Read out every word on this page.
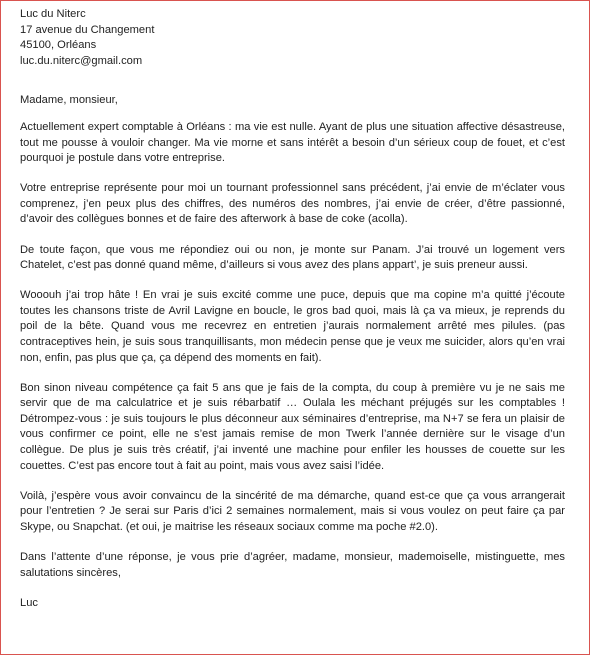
Luc du Niterc
17 avenue du Changement
45100, Orléans
luc.du.niterc@gmail.com
Madame, monsieur,

Actuellement expert comptable à Orléans : ma vie est nulle. Ayant de plus une situation affective désastreuse, tout me pousse à vouloir changer. Ma vie morne et sans intérêt a besoin d’un sérieux coup de fouet, et c’est pourquoi je postule dans votre entreprise.

Votre entreprise représente pour moi un tournant professionnel sans précédent, j’ai envie de m’éclater vous comprenez, j’en peux plus des chiffres, des numéros des nombres, j’ai envie de créer, d’être passionné, d’avoir des collègues bonnes et de faire des afterwork à base de coke (acolla).

De toute façon, que vous me répondiez oui ou non, je monte sur Panam. J’ai trouvé un logement vers Chatelet, c’est pas donné quand même, d’ailleurs si vous avez des plans appart’, je suis preneur aussi.

Wooouh j’ai trop hâte ! En vrai je suis excité comme une puce, depuis que ma copine m’a quitté j’écoute toutes les chansons triste de Avril Lavigne en boucle, le gros bad quoi, mais là ça va mieux, je reprends du poil de la bête. Quand vous me recevrez en entretien j’aurais normalement arrêté mes pilules. (pas contraceptives hein, je suis sous tranquillisants, mon médecin pense que je veux me suicider, alors qu’en vrai non, enfin, pas plus que ça, ça dépend des moments en fait).

Bon sinon niveau compétence ça fait 5 ans que je fais de la compta, du coup à première vu je ne sais me servir que de ma calculatrice et je suis rébarbatif … Oulala les méchant préjugés sur les comptables ! Détrompez-vous : je suis toujours le plus déconneur aux séminaires d’entreprise, ma N+7 se fera un plaisir de vous confirmer ce point, elle ne s’est jamais remise de mon Twerk l’année dernière sur le visage d’un collègue. De plus je suis très créatif, j’ai inventé une machine pour enfiler les housses de couette sur les couettes. C’est pas encore tout à fait au point, mais vous avez saisi l’idée.

Voilà, j’espère vous avoir convaincu de la sincérité de ma démarche, quand est-ce que ça vous arrangerait pour l’entretien ? Je serai sur Paris d’ici 2 semaines normalement, mais si vous voulez on peut faire ça par Skype, ou Snapchat. (et oui, je maitrise les réseaux sociaux comme ma poche #2.0).

Dans l’attente d’une réponse, je vous prie d’agréer, madame, monsieur, mademoiselle, mistinguette, mes salutations sincères,

Luc
